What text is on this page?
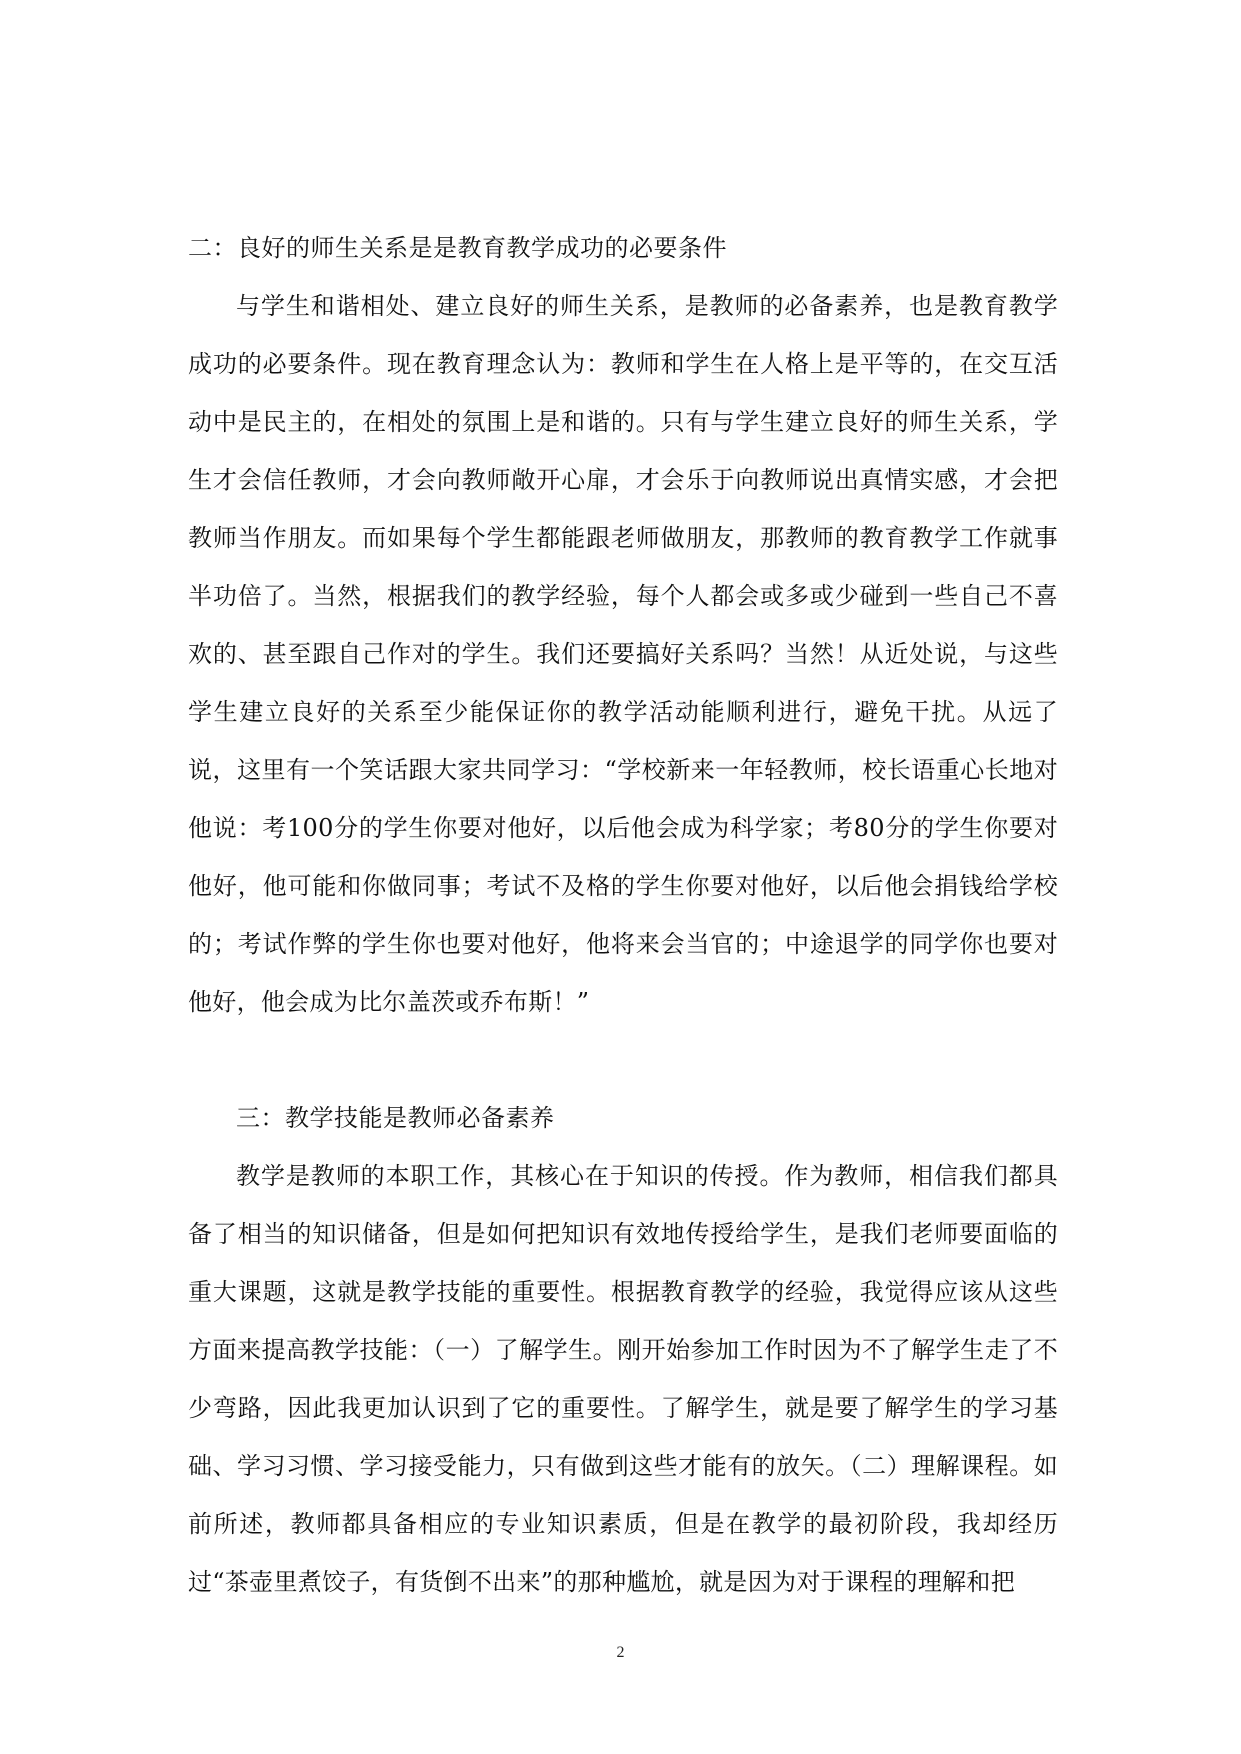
二：良好的师生关系是是教育教学成功的必要条件

与学生和谐相处、建立良好的师生关系，是教师的必备素养，也是教育教学成功的必要条件。现在教育理念认为：教师和学生在人格上是平等的，在交互活动中是民主的，在相处的氛围上是和谐的。只有与学生建立良好的师生关系，学生才会信任教师，才会向教师敞开心扉，才会乐于向教师说出真情实感，才会把教师当作朋友。而如果每个学生都能跟老师做朋友，那教师的教育教学工作就事半功倍了。当然，根据我们的教学经验，每个人都会或多或少碰到一些自己不喜欢的、甚至跟自己作对的学生。我们还要搞好关系吗？当然！从近处说，与这些学生建立良好的关系至少能保证你的教学活动能顺利进行，避免干扰。从远了说，这里有一个笑话跟大家共同学习：“学校新来一年轻教师，校长语重心长地对他说：考100分的学生你要对他好，以后他会成为科学家；考80分的学生你要对他好，他可能和你做同事；考试不及格的学生你要对他好，以后他会捐钱给学校的；考试作弊的学生你也要对他好，他将来会当官的；中途退学的同学你也要对他好，他会成为比尔盖茨或乔布斯！”

三：教学技能是教师必备素养

教学是教师的本职工作，其核心在于知识的传授。作为教师，相信我们都具备了相当的知识储备，但是如何把知识有效地传授给学生，是我们老师要面临的重大课题，这就是教学技能的重要性。根据教育教学的经验，我觉得应该从这些方面来提高教学技能：（一）了解学生。刚开始参加工作时因为不了解学生走了不少弯路，因此我更加认识到了它的重要性。了解学生，就是要了解学生的学习基础、学习习惯、学习接受能力，只有做到这些才能有的放矢。（二）理解课程。如前所述，教师都具备相应的专业知识素质，但是在教学的最初阶段，我却经历过“茶壶里煮饺子，有货倒不出来”的那种尴尬，就是因为对于课程的理解和把

2
